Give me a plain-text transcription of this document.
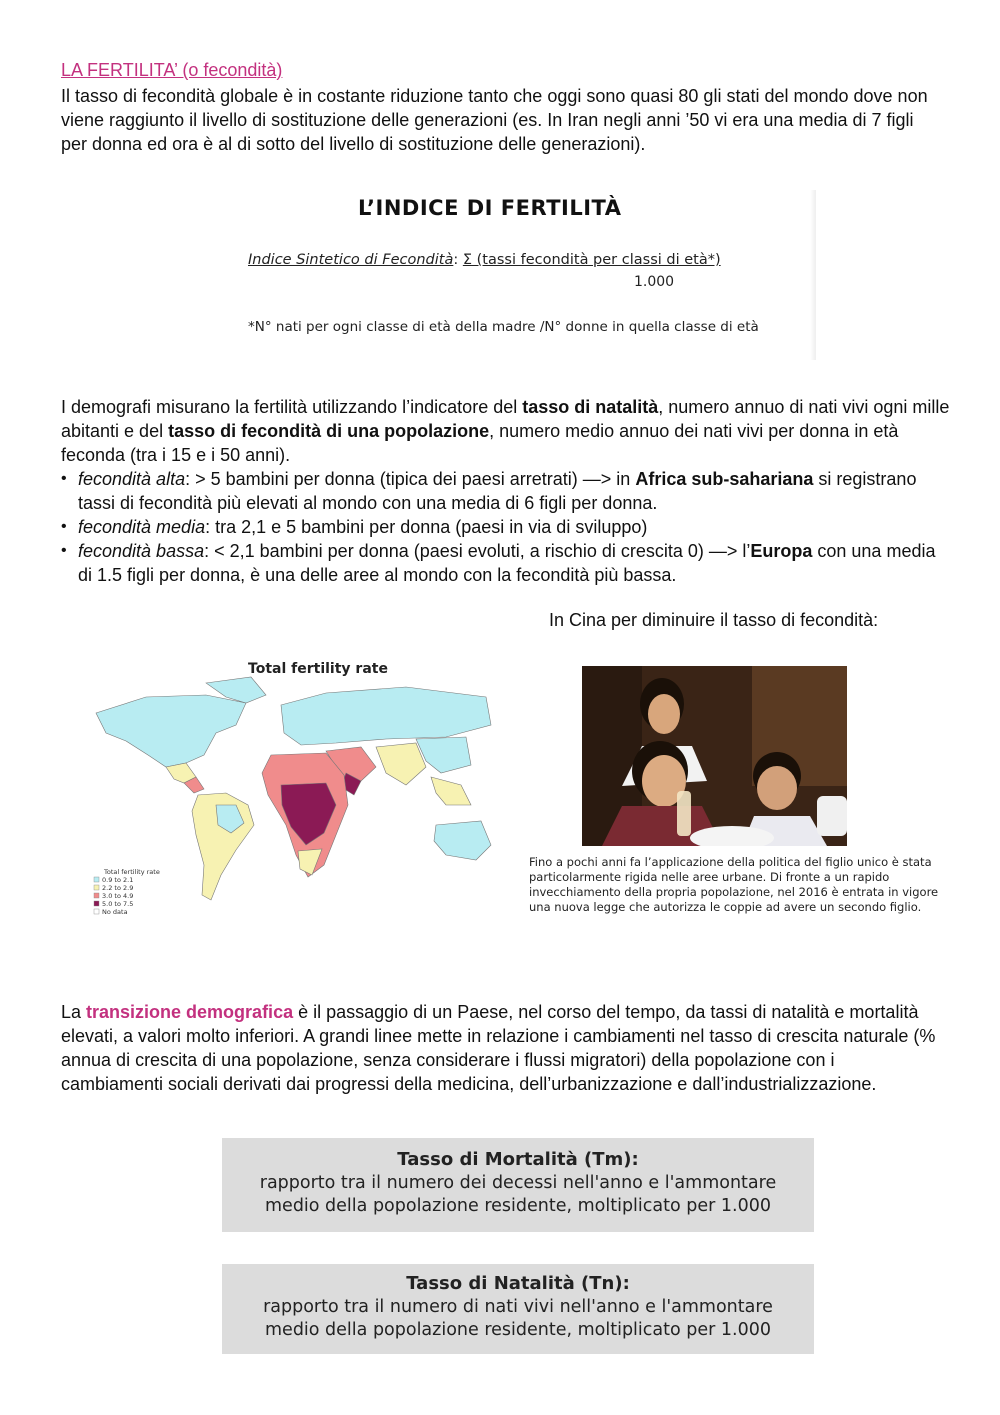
LA FERTILITA’ (o fecondità)
Il tasso di fecondità globale è in costante riduzione tanto che oggi sono quasi 80 gli stati del mondo dove non viene raggiunto il livello di sostituzione delle generazioni (es. In Iran negli anni ’50 vi era una media di 7 figli per donna ed ora è al di sotto del livello di sostituzione delle generazioni).
L’INDICE DI FERTILITÀ
Indice Sintetico di Fecondità: Σ (tassi fecondità per classi di età*)
1.000
*N° nati per ogni classe di età della madre /N° donne in quella classe di età
I demografi misurano la fertilità utilizzando l’indicatore del tasso di natalità, numero annuo di nati vivi ogni mille abitanti e del tasso di fecondità di una popolazione, numero medio annuo dei nati vivi per donna in età feconda (tra i 15 e i 50 anni).
• fecondità alta: > 5 bambini per donna (tipica dei paesi arretrati) —> in Africa sub-sahariana si registrano tassi di fecondità più elevati al mondo con una media di 6 figli per donna.
• fecondità media: tra 2,1 e 5 bambini per donna (paesi in via di sviluppo)
• fecondità bassa: < 2,1 bambini per donna (paesi evoluti, a rischio di crescita 0) —> l’Europa con una media di 1.5 figli per donna, è una delle aree al mondo con la fecondità più bassa.
In Cina per diminuire il tasso di fecondità:
Total fertility rate
Total fertility rate
0.9 to 2.1
2.2 to 2.9
3.0 to 4.9
5.0 to 7.5
No data
Fino a pochi anni fa l’applicazione della politica del figlio unico è stata particolarmente rigida nelle aree urbane. Di fronte a un rapido invecchiamento della propria popolazione, nel 2016 è entrata in vigore una nuova legge che autorizza le coppie ad avere un secondo figlio.
La transizione demografica è il passaggio di un Paese, nel corso del tempo, da tassi di natalità e mortalità elevati, a valori molto inferiori. A grandi linee mette in relazione i cambiamenti nel tasso di crescita naturale (% annua di crescita di una popolazione, senza considerare i flussi migratori) della popolazione con i cambiamenti sociali derivati dai progressi della medicina, dell’urbanizzazione e dall’industrializzazione.
Tasso di Mortalità (Tm):
rapporto tra il numero dei decessi nell'anno e l'ammontare
medio della popolazione residente, moltiplicato per 1.000
Tasso di Natalità (Tn):
rapporto tra il numero di nati vivi nell'anno e l'ammontare
medio della popolazione residente, moltiplicato per 1.000
